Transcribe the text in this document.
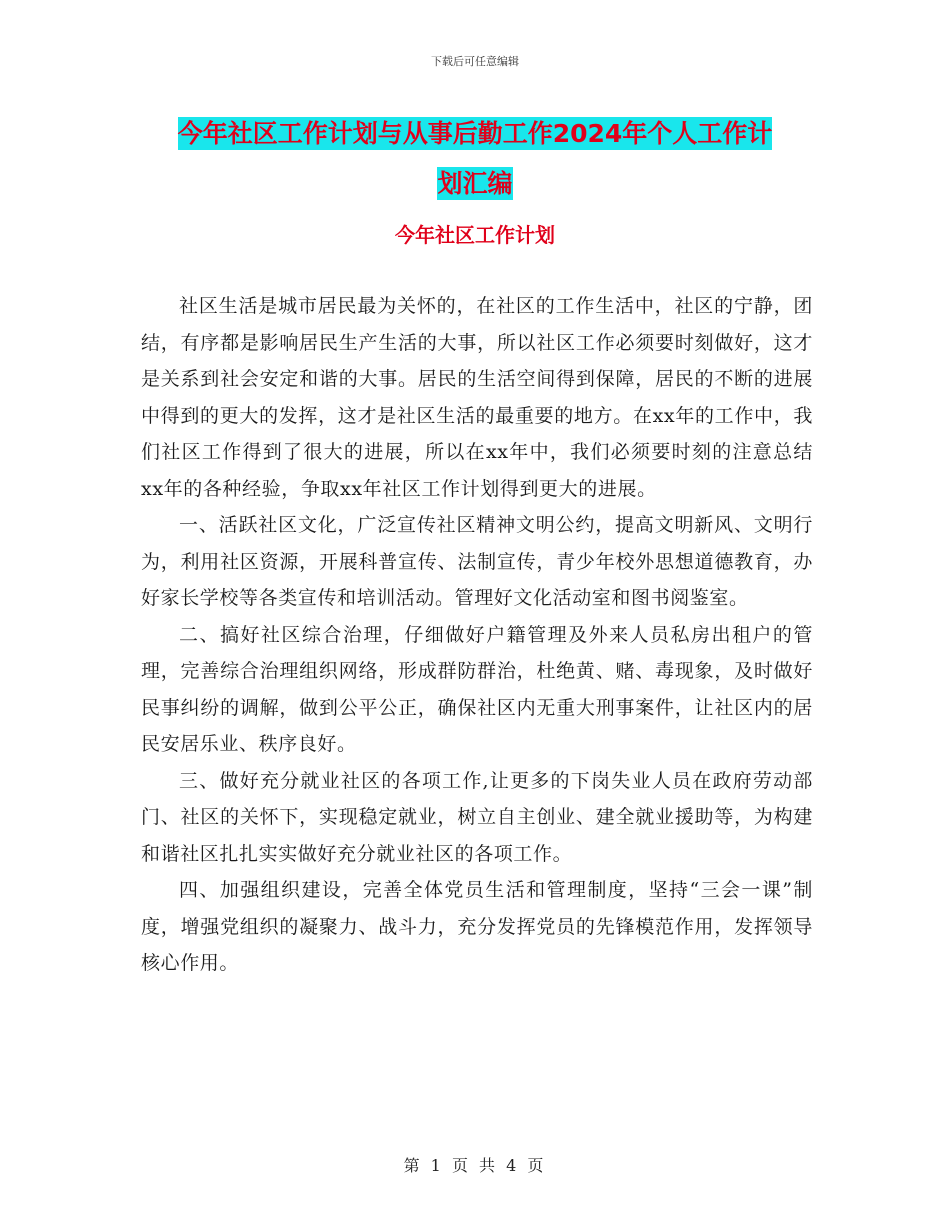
下载后可任意编辑
今年社区工作计划与从事后勤工作2024年个人工作计
划汇编
今年社区工作计划

社区生活是城市居民最为关怀的，在社区的工作生活中，社区的宁静，团结，有序都是影响居民生产生活的大事，所以社区工作必须要时刻做好，这才是关系到社会安定和谐的大事。居民的生活空间得到保障，居民的不断的进展中得到的更大的发挥，这才是社区生活的最重要的地方。在xx年的工作中，我们社区工作得到了很大的进展，所以在xx年中，我们必须要时刻的注意总结xx年的各种经验，争取xx年社区工作计划得到更大的进展。

一、活跃社区文化，广泛宣传社区精神文明公约，提高文明新风、文明行为，利用社区资源，开展科普宣传、法制宣传，青少年校外思想道德教育，办好家长学校等各类宣传和培训活动。管理好文化活动室和图书阅鉴室。

二、搞好社区综合治理，仔细做好户籍管理及外来人员私房出租户的管理，完善综合治理组织网络，形成群防群治，杜绝黄、赌、毒现象，及时做好民事纠纷的调解，做到公平公正，确保社区内无重大刑事案件，让社区内的居民安居乐业、秩序良好。

三、做好充分就业社区的各项工作,让更多的下岗失业人员在政府劳动部门、社区的关怀下，实现稳定就业，树立自主创业、建全就业援助等，为构建和谐社区扎扎实实做好充分就业社区的各项工作。

四、加强组织建设，完善全体党员生活和管理制度，坚持“三会一课”制度，增强党组织的凝聚力、战斗力，充分发挥党员的先锋模范作用，发挥领导核心作用。

第 1 页 共 4 页
